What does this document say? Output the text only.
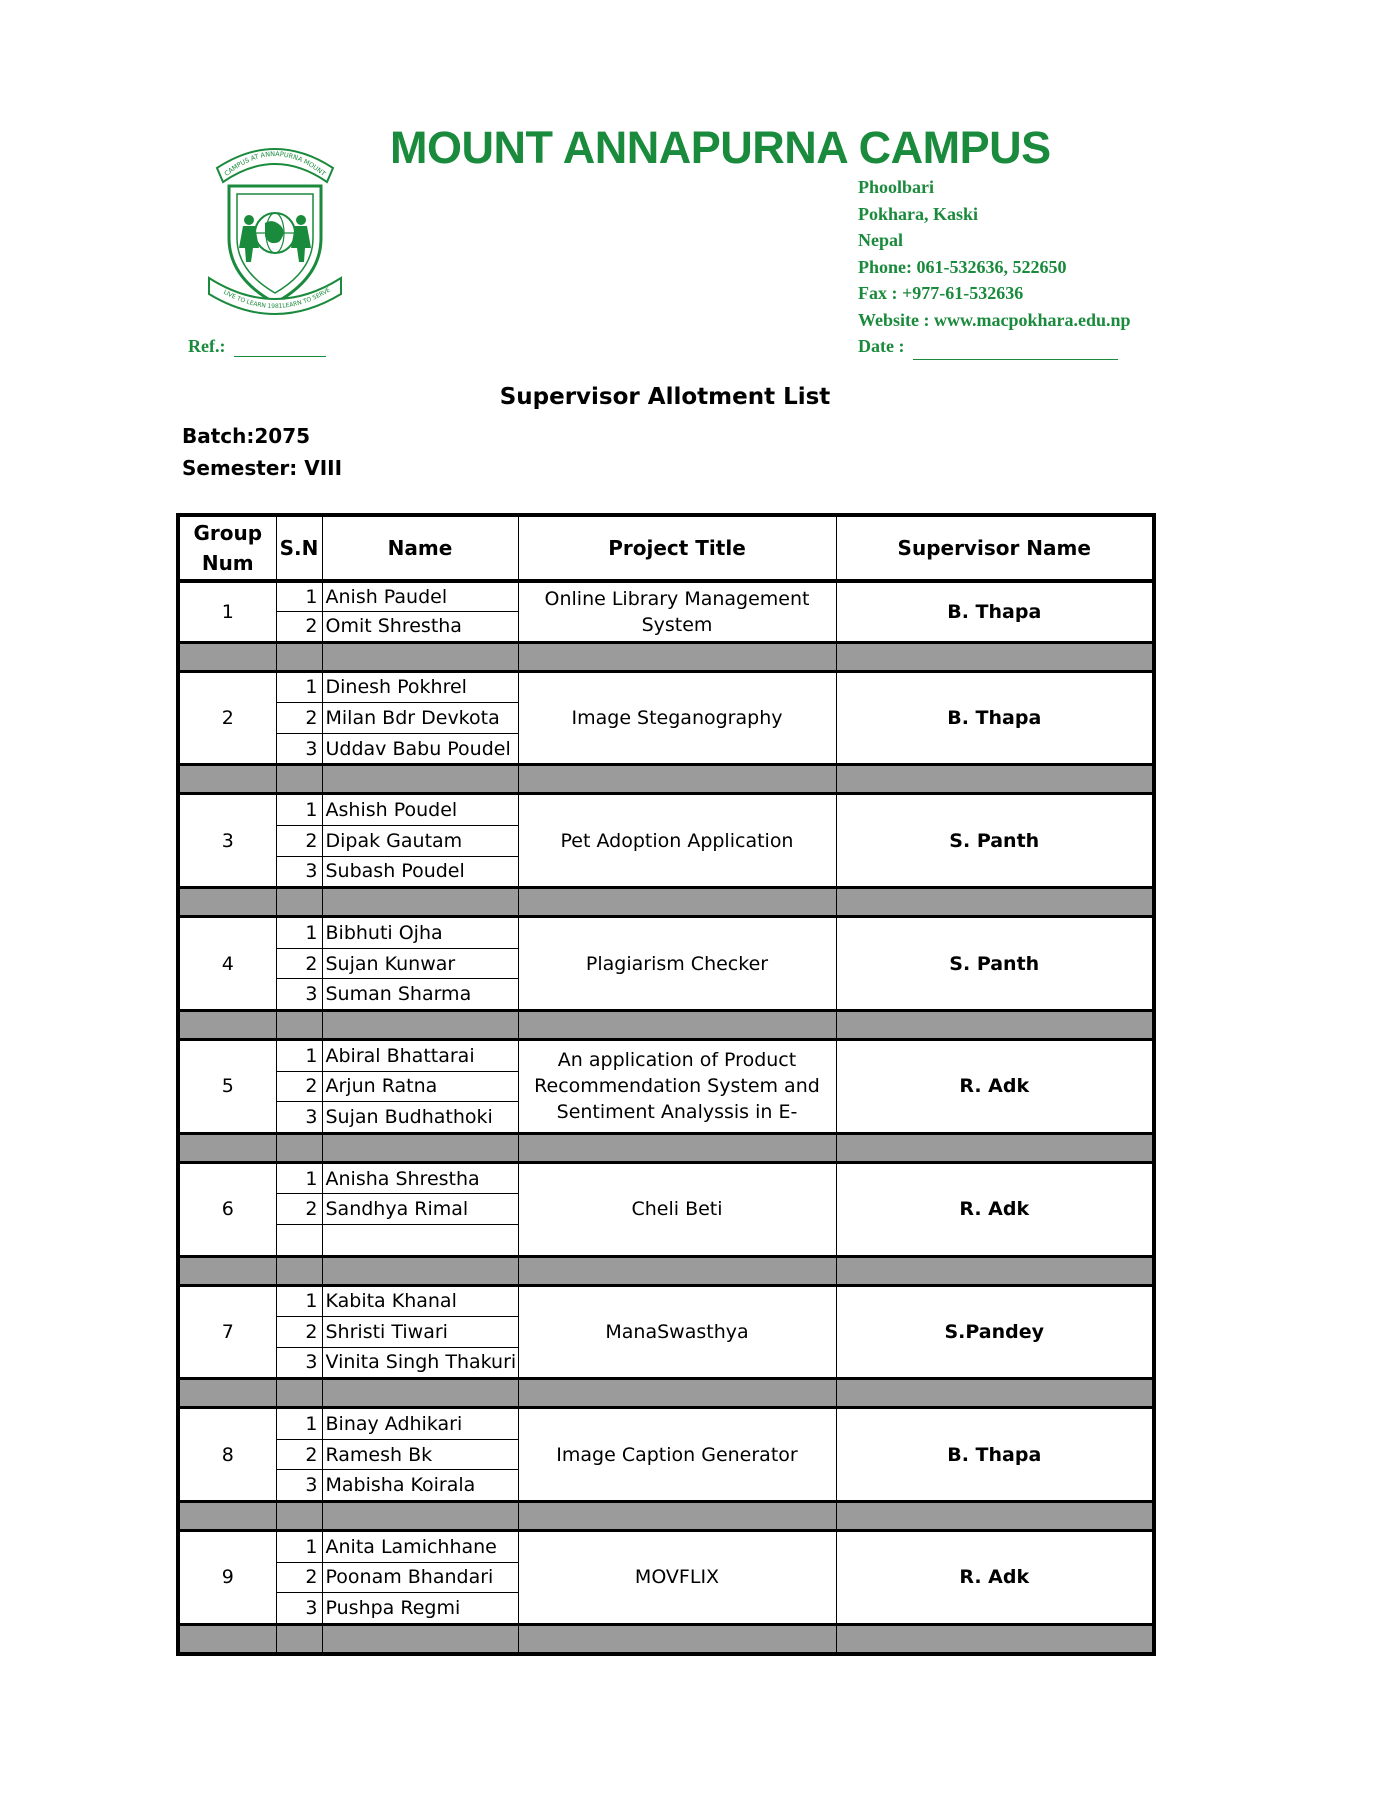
CAMPUS AT ANNAPURNA MOUNT
LIVE TO LEARN 1981 LEARN TO SERVE
MOUNT ANNAPURNA CAMPUS
Phoolbari
Pokhara, Kaski
Nepal
Phone: 061-532636, 522650
Fax : +977-61-532636
Website : www.macpokhara.edu.np
Date :
Ref.:
Supervisor Allotment List
Batch:2075
Semester: VIII
Group Num	S.N	Name	Project Title	Supervisor Name
1	1	Anish Paudel	Online Library Management System	B. Thapa
	2	Omit Shrestha		

2	1	Dinesh Pokhrel	Image Steganography	B. Thapa
	2	Milan Bdr Devkota		
	3	Uddav Babu Poudel		

3	1	Ashish Poudel	Pet Adoption Application	S. Panth
	2	Dipak Gautam		
	3	Subash Poudel		

4	1	Bibhuti Ojha	Plagiarism Checker	S. Panth
	2	Sujan Kunwar		
	3	Suman Sharma		

5	1	Abiral Bhattarai	An application of Product Recommendation System and Sentiment Analyssis in E-	R. Adk
	2	Arjun Ratna		
	3	Sujan Budhathoki		

6	1	Anisha Shrestha	Cheli Beti	R. Adk
	2	Sandhya Rimal		

7	1	Kabita Khanal	ManaSwasthya	S.Pandey
	2	Shristi Tiwari		
	3	Vinita Singh Thakuri		

8	1	Binay Adhikari	Image Caption Generator	B. Thapa
	2	Ramesh Bk		
	3	Mabisha Koirala		

9	1	Anita Lamichhane	MOVFLIX	R. Adk
	2	Poonam Bhandari		
	3	Pushpa Regmi		
